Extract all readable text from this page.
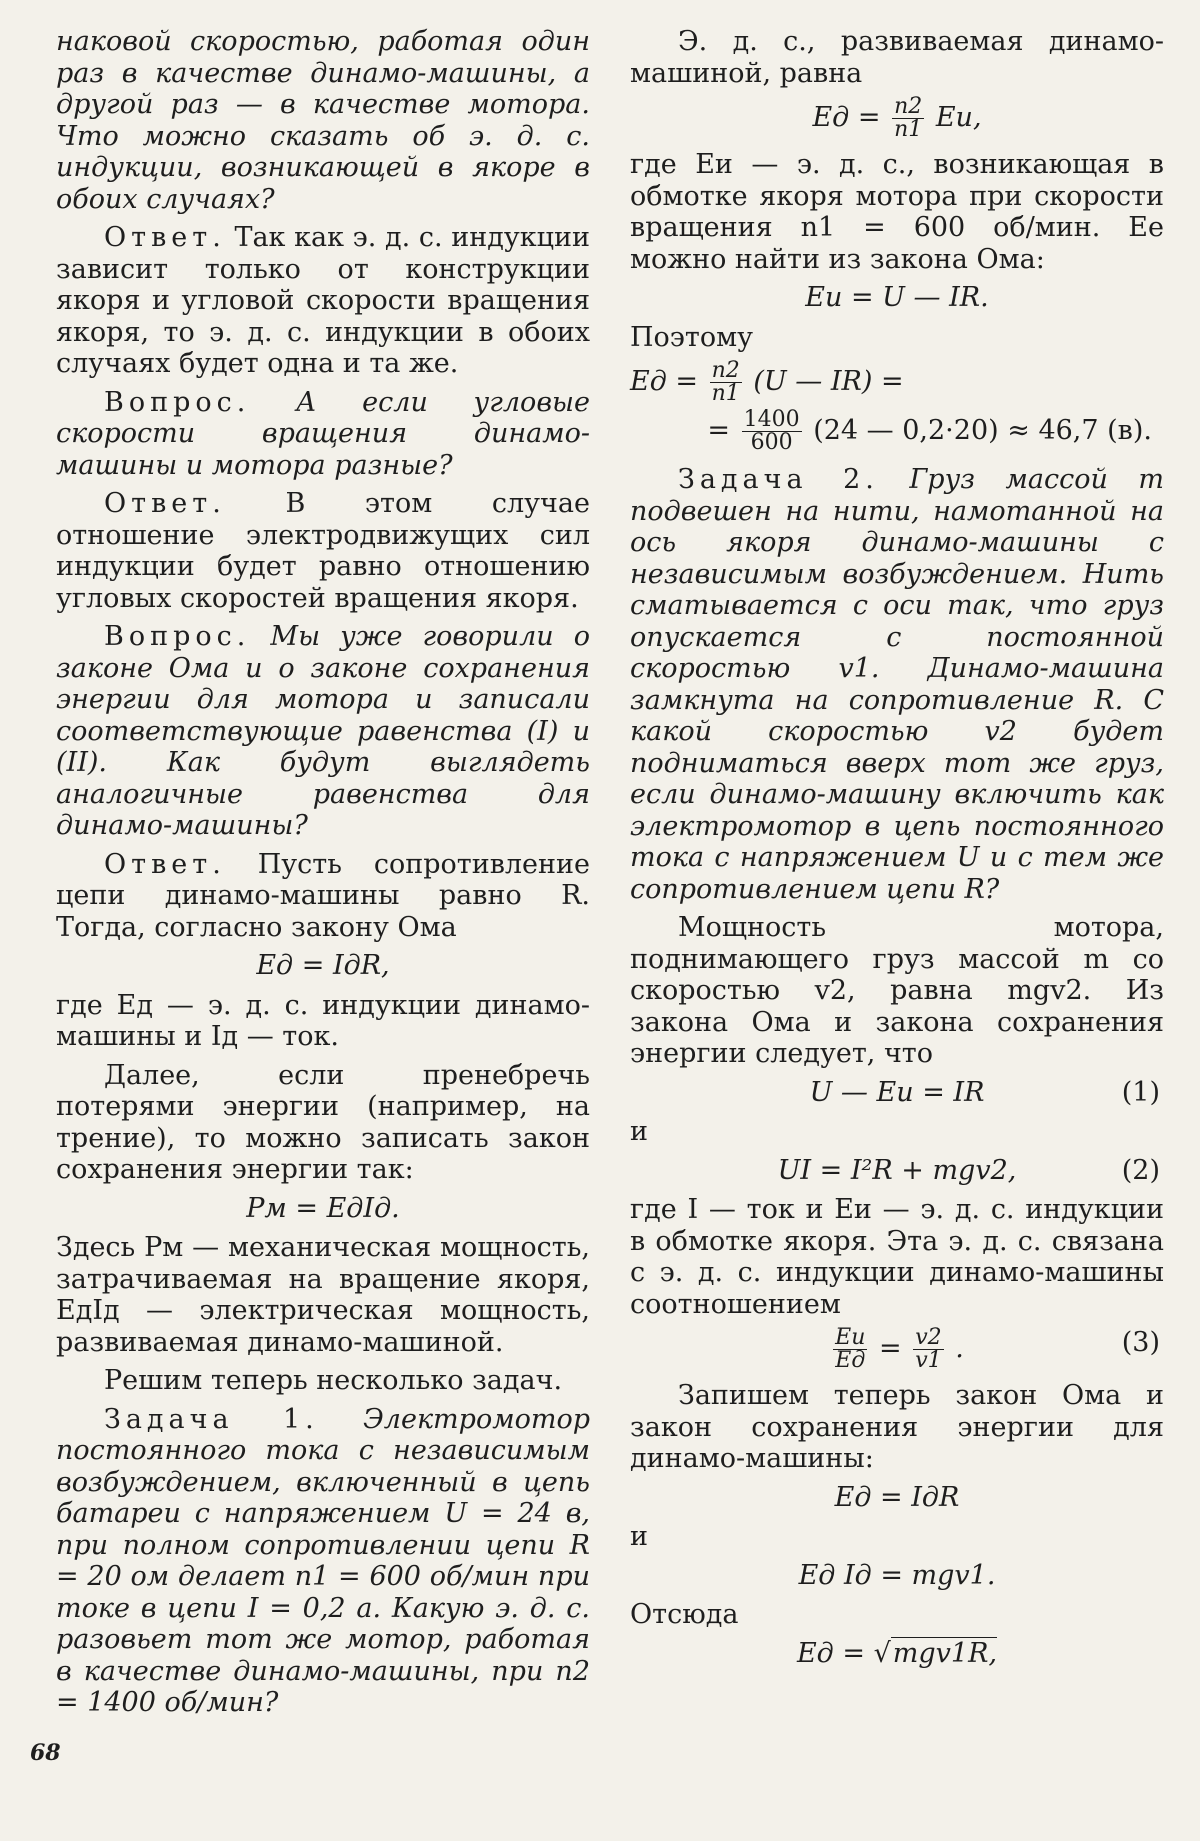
наковой скоростью, работая один раз в качестве динамо-машины, а другой раз — в качестве мотора. Что можно сказать об э. д. с. индукции, возникающей в якоре в обоих случаях?

Ответ. Так как э. д. с. индукции зависит только от конструкции якоря и угловой скорости вращения якоря, то э. д. с. индукции в обоих случаях будет одна и та же.

Вопрос. А если угловые скорости вращения динамо-машины и мотора разные?

Ответ. В этом случае отношение электродвижущих сил индукции будет равно отношению угловых скоростей вращения якоря.

Вопрос. Мы уже говорили о законе Ома и о законе сохранения энергии для мотора и записали соответствующие равенства (I) и (II). Как будут выглядеть аналогичные равенства для динамо-машины?

Ответ. Пусть сопротивление цепи динамо-машины равно R. Тогда, согласно закону Ома

Eд = IдR,

где Eд — э. д. с. индукции динамо-машины и Iд — ток.

Далее, если пренебречь потерями энергии (например, на трение), то можно записать закон сохранения энергии так:

Pм = EдIд.

Здесь Pм — механическая мощность, затрачиваемая на вращение якоря, EдIд — электрическая мощность, развиваемая динамо-машиной.

Решим теперь несколько задач.

Задача 1. Электромотор постоянного тока с независимым возбуждением, включенный в цепь батареи с напряжением U = 24 в, при полном сопротивлении цепи R = 20 ом делает n1 = 600 об/мин при токе в цепи I = 0,2 а. Какую э. д. с. разовьет тот же мотор, работая в качестве динамо-машины, при n2 = 1400 об/мин?

Э. д. с., развиваемая динамо-машиной, равна

Eд = $\frac{n2}{n1}$ Eи,

где Eи — э. д. с., возникающая в обмотке якоря мотора при скорости вращения n1 = 600 об/мин. Ее можно найти из закона Ома:

Eи = U — IR.

Поэтому

Eд = $\frac{n2}{n1} (U$ — IR) =
= $\frac{1400}{600} (24$ — 0,2·20) ≈ 46,7 (в).

Задача 2. Груз массой m подвешен на нити, намотанной на ось якоря динамо-машины с независимым возбуждением. Нить сматывается с оси так, что груз опускается с постоянной скоростью v1. Динамо-машина замкнута на сопротивление R. С какой скоростью v2 будет подниматься вверх тот же груз, если динамо-машину включить как электромотор в цепь постоянного тока с напряжением U и с тем же сопротивлением цепи R?

Мощность мотора, поднимающего груз массой m со скоростью v2, равна mgv2. Из закона Ома и закона сохранения энергии следует, что

U — Eи = IR	(1)

и

UI = I²R + mgv2,	(2)

где I — ток и Eи — э. д. с. индукции в обмотке якоря. Эта э. д. с. связана с э. д. с. индукции динамо-машины соотношением

$\frac{Eи}{Eд} = \frac{v2}{v1}$ .	(3)

Запишем теперь закон Ома и закон сохранения энергии для динамо-машины:

Eд = IдR

и

Eд Iд = mgv1.

Отсюда

Eд = √mgv1R,
68
